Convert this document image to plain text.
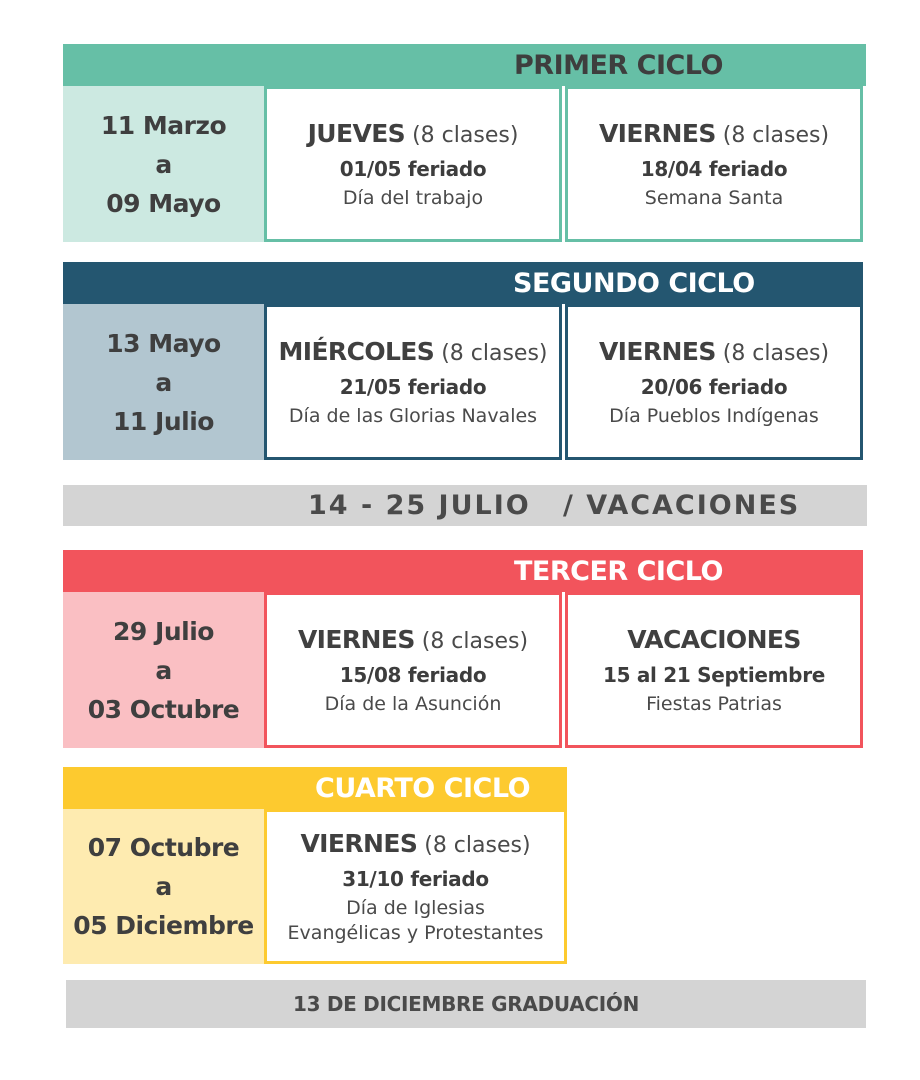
PRIMER CICLO
11 Marzo
a
09 Mayo
JUEVES (8 clases)
01/05 feriado
Día del trabajo
VIERNES (8 clases)
18/04 feriado
Semana Santa
SEGUNDO CICLO
13 Mayo
a
11 Julio
MIÉRCOLES (8 clases)
21/05 feriado
Día de las Glorias Navales
VIERNES (8 clases)
20/06 feriado
Día Pueblos Indígenas
14 - 25 JULIO / VACACIONES
TERCER CICLO
29 Julio
a
03 Octubre
VIERNES (8 clases)
15/08 feriado
Día de la Asunción
VACACIONES
15 al 21 Septiembre
Fiestas Patrias
CUARTO CICLO
07 Octubre
a
05 Diciembre
VIERNES (8 clases)
31/10 feriado
Día de Iglesias
Evangélicas y Protestantes
13 DE DICIEMBRE GRADUACIÓN
